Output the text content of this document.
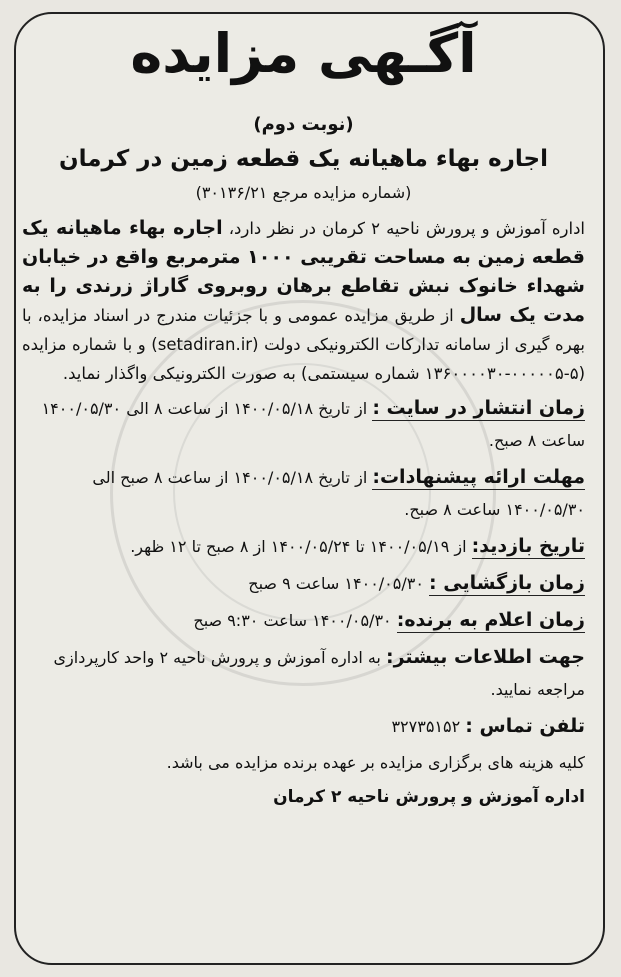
آگـهی مزایده
(نوبت دوم)
اجاره بهاء ماهیانه یک قطعه زمین در کرمان
(شماره مزایده مرجع ۳۰۱۳۶/۲۱)
اداره آموزش و پرورش ناحیه ۲ کرمان در نظر دارد، اجاره بهاء ماهیانه یک قطعه زمین به مساحت تقریبی ۱۰۰۰ مترمربع واقع در خیابان شهداء خانوک نبش تقاطع برهان روبروی گاراژ زرندی را به مدت یک سال از طریق مزایده عمومی و با جزئیات مندرج در اسناد مزایده، با بهره گیری از سامانه تدارکات الکترونیکی دولت (setadiran.ir) و با شماره مزایده (۵-۰۰۰۰۰۵-۱۳۶۰۰۰۰۳۰ شماره سیستمی) به صورت الکترونیکی واگذار نماید.
زمان انتشار در سایت : از تاریخ ۱۴۰۰/۰۵/۱۸ از ساعت ۸ الی ۱۴۰۰/۰۵/۳۰ ساعت ۸ صبح.
مهلت ارائه پیشنهادات: از تاریخ ۱۴۰۰/۰۵/۱۸ از ساعت ۸ صبح الی ۱۴۰۰/۰۵/۳۰ ساعت ۸ صبح.
تاریخ بازدید: از ۱۴۰۰/۰۵/۱۹ تا ۱۴۰۰/۰۵/۲۴ از ۸ صبح تا ۱۲ ظهر.
زمان بازگشایی : ۱۴۰۰/۰۵/۳۰ ساعت ۹ صبح
زمان اعلام به برنده: ۱۴۰۰/۰۵/۳۰ ساعت ۹:۳۰ صبح
جهت اطلاعات بیشتر: به اداره آموزش و پرورش ناحیه ۲ واحد کارپردازی مراجعه نمایید.
تلفن تماس : ۳۲۷۳۵۱۵۲
کلیه هزینه های برگزاری مزایده بر عهده برنده مزایده می باشد.
اداره آموزش و پرورش ناحیه ۲ کرمان
